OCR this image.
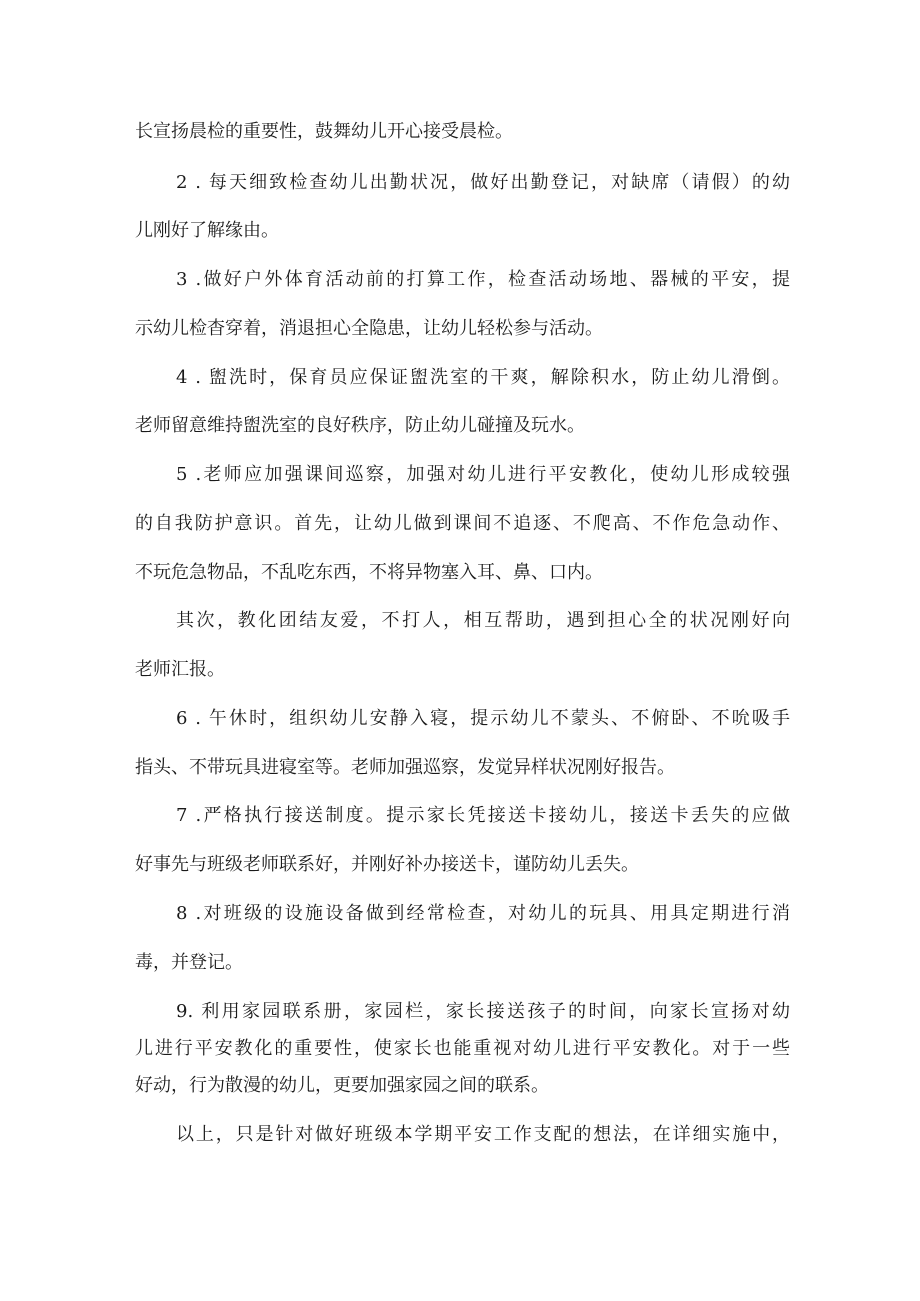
长宣扬晨检的重要性，鼓舞幼儿开心接受晨检。
2 . 每天细致检查幼儿出勤状况，做好出勤登记，对缺席（请假）的幼
儿刚好了解缘由。
3 .做好户外体育活动前的打算工作，检查活动场地、器械的平安，提
示幼儿检杳穿着，消退担心全隐患，让幼儿轻松参与活动。
4 . 盥洗时，保育员应保证盥洗室的干爽，解除积水，防止幼儿滑倒。
老师留意维持盥洗室的良好秩序，防止幼儿碰撞及玩水。
5 .老师应加强课间巡察，加强对幼儿进行平安教化，使幼儿形成较强
的自我防护意识。首先，让幼儿做到课间不追逐、不爬高、不作危急动作、
不玩危急物品，不乱吃东西，不将异物塞入耳、鼻、口内。
其次，教化团结友爱，不打人，相互帮助，遇到担心全的状况刚好向
老师汇报。
6 . 午休时，组织幼儿安静入寝，提示幼儿不蒙头、不俯卧、不吮吸手
指头、不带玩具进寝室等。老师加强巡察，发觉异样状况刚好报告。
7 .严格执行接送制度。提示家长凭接送卡接幼儿，接送卡丢失的应做
好事先与班级老师联系好，并刚好补办接送卡，谨防幼儿丢失。
8 .对班级的设施设备做到经常检查，对幼儿的玩具、用具定期进行消
毒，并登记。
9. 利用家园联系册，家园栏，家长接送孩子的时间，向家长宣扬对幼
儿进行平安教化的重要性，使家长也能重视对幼儿进行平安教化。对于一些
好动，行为散漫的幼儿，更要加强家园之间的联系。
以上，只是针对做好班级本学期平安工作支配的想法，在详细实施中，
